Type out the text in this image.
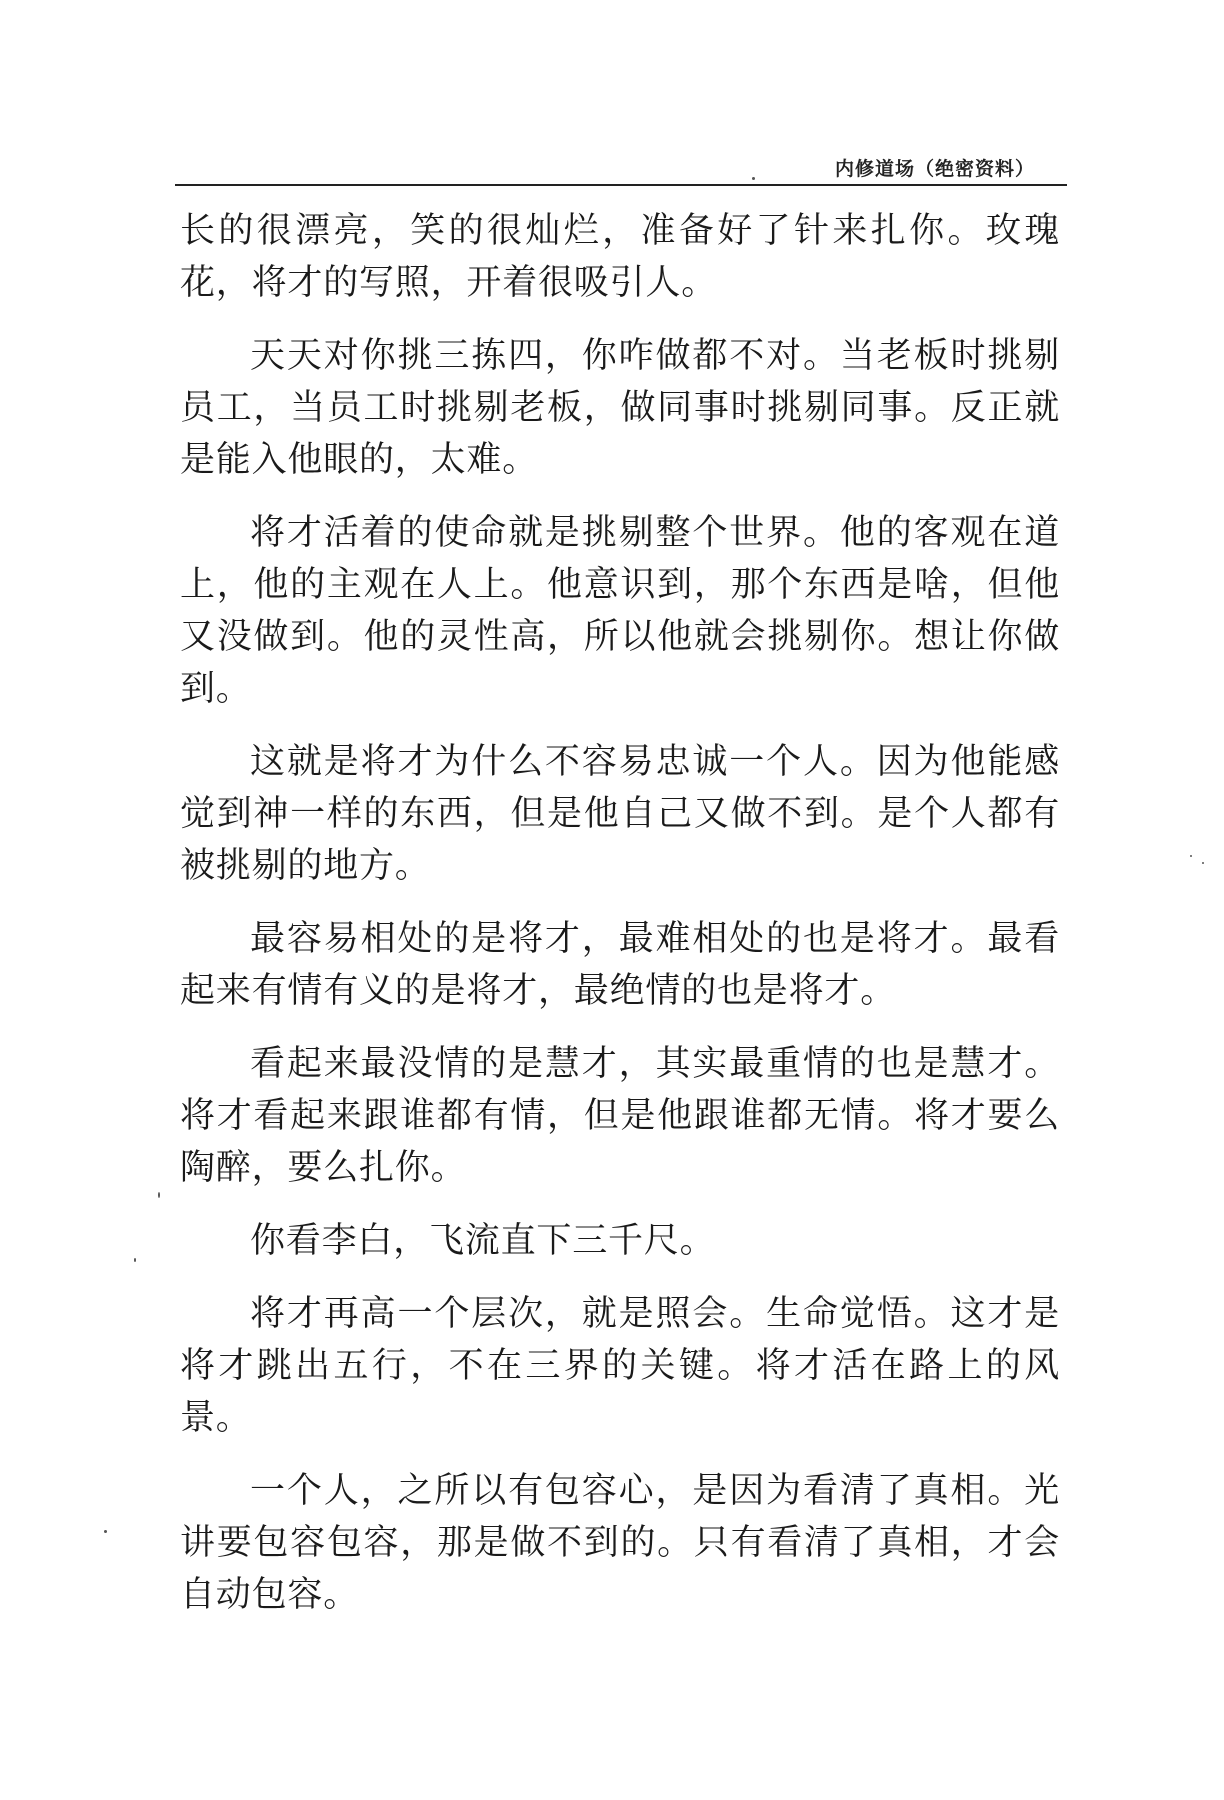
内修道场（绝密资料）

长的很漂亮，笑的很灿烂，准备好了针来扎你。玫瑰花，将才的写照，开着很吸引人。

天天对你挑三拣四，你咋做都不对。当老板时挑剔员工，当员工时挑剔老板，做同事时挑剔同事。反正就是能入他眼的，太难。

将才活着的使命就是挑剔整个世界。他的客观在道上，他的主观在人上。他意识到，那个东西是啥，但他又没做到。他的灵性高，所以他就会挑剔你。想让你做到。

这就是将才为什么不容易忠诚一个人。因为他能感觉到神一样的东西，但是他自己又做不到。是个人都有被挑剔的地方。

最容易相处的是将才，最难相处的也是将才。最看起来有情有义的是将才，最绝情的也是将才。

看起来最没情的是慧才，其实最重情的也是慧才。将才看起来跟谁都有情，但是他跟谁都无情。将才要么陶醉，要么扎你。

你看李白，飞流直下三千尺。

将才再高一个层次，就是照会。生命觉悟。这才是将才跳出五行，不在三界的关键。将才活在路上的风景。

一个人，之所以有包容心，是因为看清了真相。光讲要包容包容，那是做不到的。只有看清了真相，才会自动包容。
